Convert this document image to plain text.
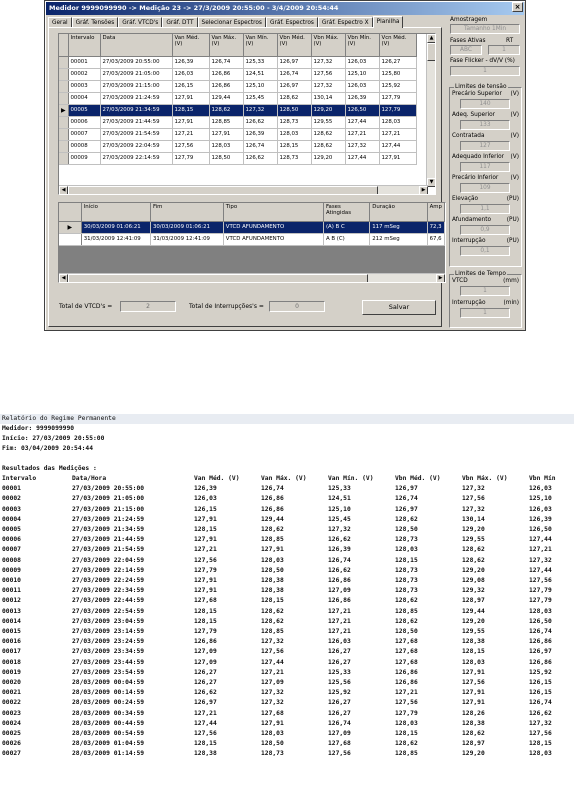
Medidor 9999099990 -> Medição 23 -> 27/3/2009 20:55:00 - 3/4/2009 20:54:44	×
Geral	Gráf. Tensões	Gráf. VTCD's	Gráf. DTT	Selecionar Espectros	Gráf. Espectros	Gráf. Espectro X	Planilha
	Intervalo	Data	Van Méd. (V)	Van Máx. (V)	Van Mín. (V)	Vbn Méd. (V)	Vbn Máx. (V)	Vbn Mín. (V)	Vcn Méd. (V)
	00001	27/03/2009 20:55:00	126,39	126,74	125,33	126,97	127,32	126,03	126,27
	00002	27/03/2009 21:05:00	126,03	126,86	124,51	126,74	127,56	125,10	125,80
	00003	27/03/2009 21:15:00	126,15	126,86	125,10	126,97	127,32	126,03	125,92
	00004	27/03/2009 21:24:59	127,91	129,44	125,45	128,62	130,14	126,39	127,79
▶	00005	27/03/2009 21:34:59	128,15	128,62	127,32	128,50	129,20	126,50	127,79
	00006	27/03/2009 21:44:59	127,91	128,85	126,62	128,73	129,55	127,44	128,03
	00007	27/03/2009 21:54:59	127,21	127,91	126,39	128,03	128,62	127,21	127,21
	00008	27/03/2009 22:04:59	127,56	128,03	126,74	128,15	128,62	127,32	127,44
	00009	27/03/2009 22:14:59	127,79	128,50	126,62	128,73	129,20	127,44	127,91
▲
▼
◀	▶
	Início	Fim	Tipo	Fases Atingidas	Duração	Amp
▶	30/03/2009 01:06:21	30/03/2009 01:06:21	VTCD AFUNDAMENTO	(A) B C	117 mSeg	72,3
	31/03/2009 12:41:09	31/03/2009 12:41:09	VTCD AFUNDAMENTO	A B (C)	212 mSeg	67,6
◀	▶
Total de VTCD's =	2	Total de Interrupções's =	0	Salvar
Amostragem
Tamanho 1Min
Fases Ativas	RT
ABC	1
Fase Flicker - dV/V (%)
1
Limites de tensão
Precário Superior (V)
140
Adeq. Superior	(V)
133
Contratada	(V)
127
Adequado Inferior (V)
117
Precário Inferior (V)
109
Elevação	(PU)
1,1
Afundamento	(PU)
0,9
Interrupção	(PU)
0,1
Limites de Tempo
VTCD	(mm)
1
Interrupção	(min)
1
Relatório do Regime Permanente
Medidor: 9999099990
Início: 27/03/2009 20:55:00
Fim: 03/04/2009 20:54:44
Resultados das Medições :
Intervalo	Data/Hora	Van Méd. (V)	Van Máx. (V)	Van Mín. (V)	Vbn Méd. (V)	Vbn Máx. (V)	Vbn Mín
00001	27/03/2009 20:55:00	126,39	126,74	125,33	126,97	127,32	126,03
00002	27/03/2009 21:05:00	126,03	126,86	124,51	126,74	127,56	125,10
00003	27/03/2009 21:15:00	126,15	126,86	125,10	126,97	127,32	126,03
00004	27/03/2009 21:24:59	127,91	129,44	125,45	128,62	130,14	126,39
00005	27/03/2009 21:34:59	128,15	128,62	127,32	128,50	129,20	126,50
00006	27/03/2009 21:44:59	127,91	128,85	126,62	128,73	129,55	127,44
00007	27/03/2009 21:54:59	127,21	127,91	126,39	128,03	128,62	127,21
00008	27/03/2009 22:04:59	127,56	128,03	126,74	128,15	128,62	127,32
00009	27/03/2009 22:14:59	127,79	128,50	126,62	128,73	129,20	127,44
00010	27/03/2009 22:24:59	127,91	128,38	126,86	128,73	129,08	127,56
00011	27/03/2009 22:34:59	127,91	128,38	127,09	128,73	129,32	127,79
00012	27/03/2009 22:44:59	127,68	128,15	126,86	128,62	128,97	127,79
00013	27/03/2009 22:54:59	128,15	128,62	127,21	128,85	129,44	128,03
00014	27/03/2009 23:04:59	128,15	128,62	127,21	128,62	129,20	126,50
00015	27/03/2009 23:14:59	127,79	128,85	127,21	128,50	129,55	126,74
00016	27/03/2009 23:24:59	126,86	127,32	126,03	127,68	128,38	126,86
00017	27/03/2009 23:34:59	127,09	127,56	126,27	127,68	128,15	126,97
00018	27/03/2009 23:44:59	127,09	127,44	126,27	127,68	128,03	126,86
00019	27/03/2009 23:54:59	126,27	127,21	125,33	126,86	127,91	125,92
00020	28/03/2009 00:04:59	126,27	127,09	125,56	126,86	127,56	126,15
00021	28/03/2009 00:14:59	126,62	127,32	125,92	127,21	127,91	126,15
00022	28/03/2009 00:24:59	126,97	127,32	126,27	127,56	127,91	126,74
00023	28/03/2009 00:34:59	127,21	127,68	126,27	127,79	128,26	126,62
00024	28/03/2009 00:44:59	127,44	127,91	126,74	128,03	128,38	127,32
00025	28/03/2009 00:54:59	127,56	128,03	127,09	128,15	128,62	127,56
00026	28/03/2009 01:04:59	128,15	128,50	127,68	128,62	128,97	128,15
00027	28/03/2009 01:14:59	128,38	128,73	127,56	128,85	129,20	128,03
